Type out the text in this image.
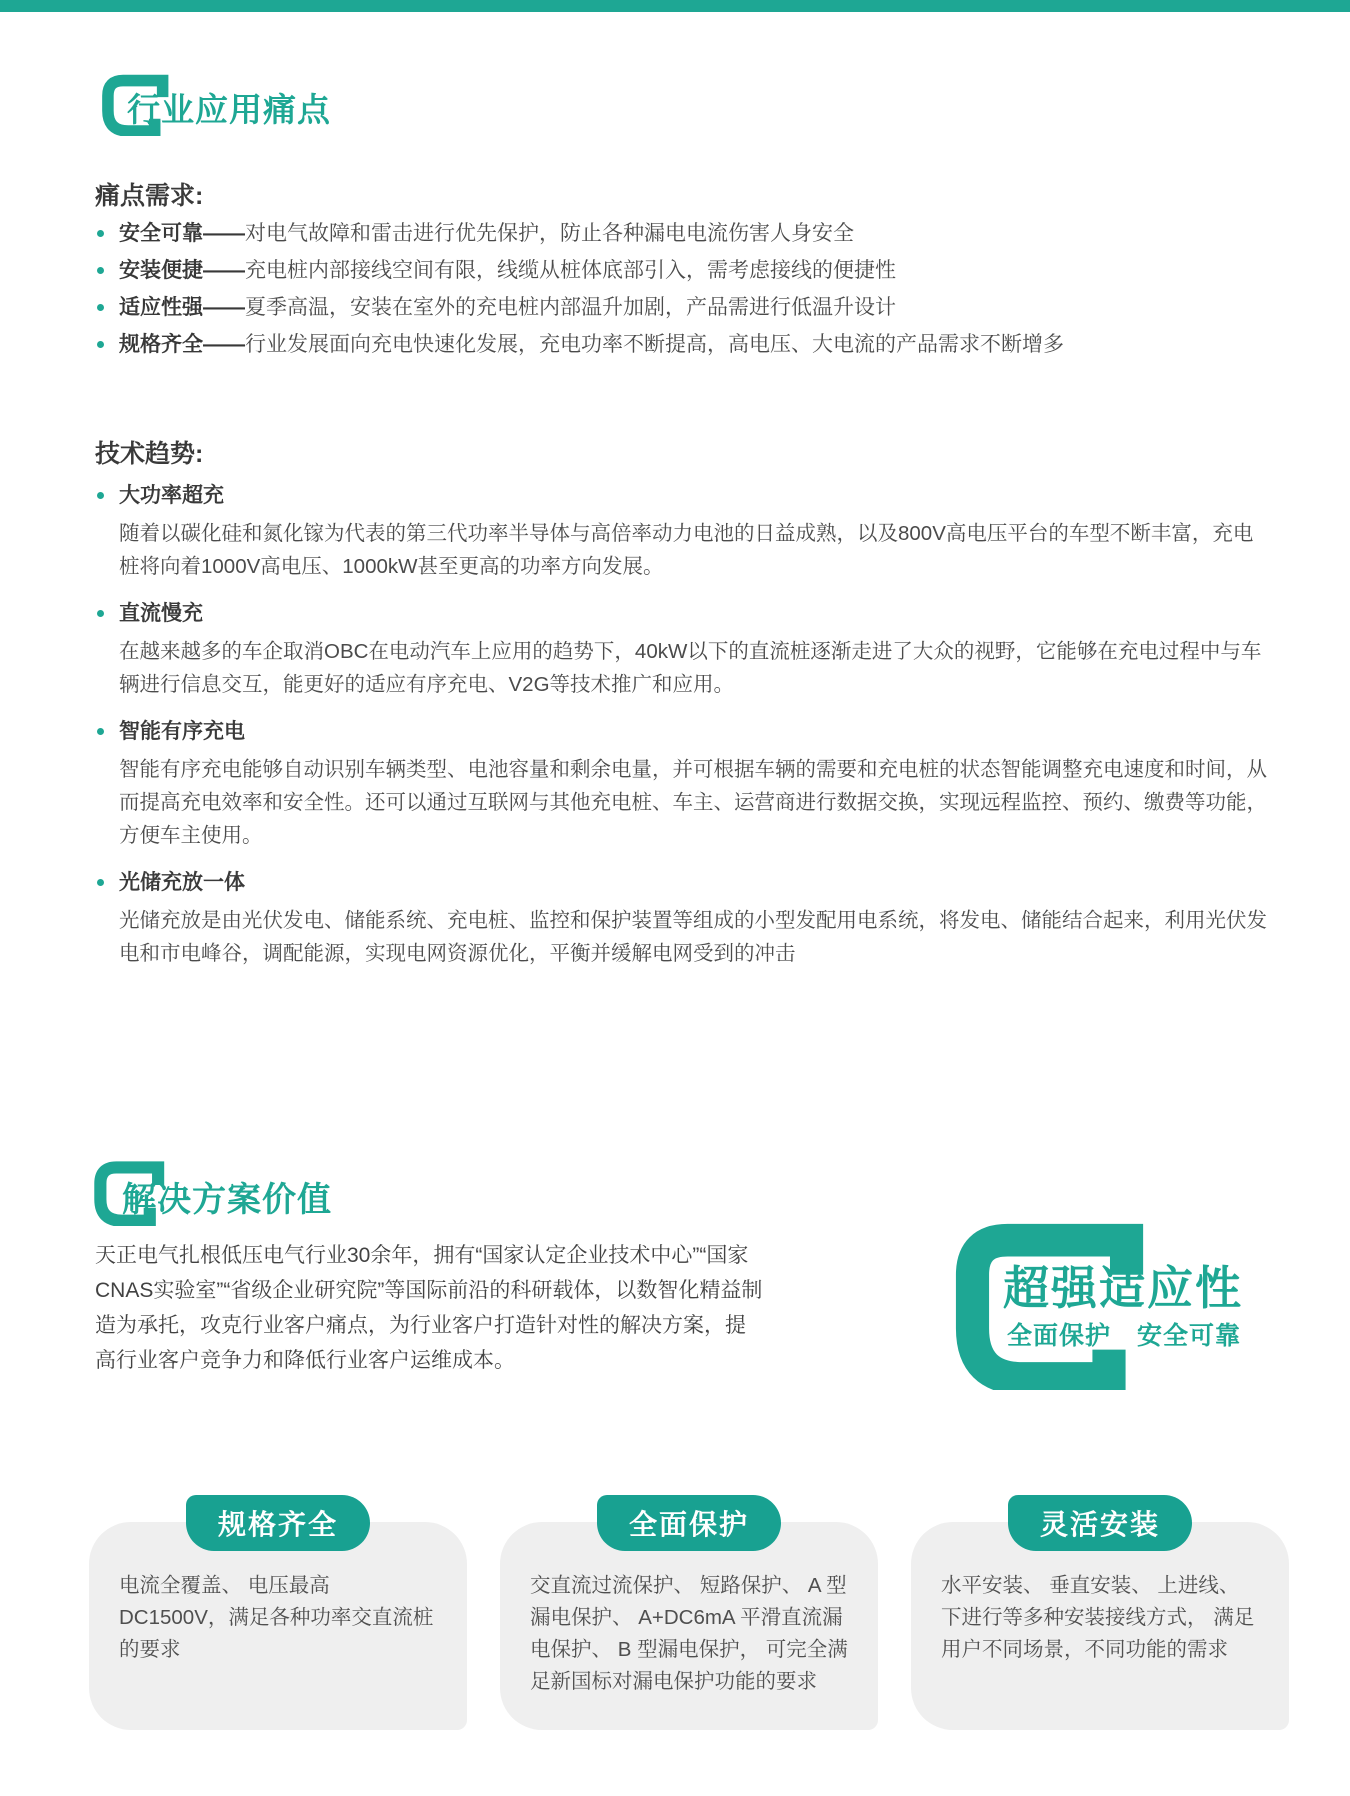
行业应用痛点
痛点需求:
安全可靠——对电气故障和雷击进行优先保护，防止各种漏电电流伤害人身安全
安装便捷——充电桩内部接线空间有限，线缆从桩体底部引入，需考虑接线的便捷性
适应性强——夏季高温，安装在室外的充电桩内部温升加剧，产品需进行低温升设计
规格齐全——行业发展面向充电快速化发展，充电功率不断提高，高电压、大电流的产品需求不断增多
技术趋势:
大功率超充

随着以碳化硅和氮化镓为代表的第三代功率半导体与高倍率动力电池的日益成熟，以及800V高电压平台的车型不断丰富，充电桩将向着1000V高电压、1000kW甚至更高的功率方向发展。

直流慢充

在越来越多的车企取消OBC在电动汽车上应用的趋势下，40kW以下的直流桩逐渐走进了大众的视野，它能够在充电过程中与车辆进行信息交互，能更好的适应有序充电、V2G等技术推广和应用。

智能有序充电

智能有序充电能够自动识别车辆类型、电池容量和剩余电量，并可根据车辆的需要和充电桩的状态智能调整充电速度和时间，从而提高充电效率和安全性。还可以通过互联网与其他充电桩、车主、运营商进行数据交换，实现远程监控、预约、缴费等功能，方便车主使用。

光储充放一体

光储充放是由光伏发电、储能系统、充电桩、监控和保护装置等组成的小型发配用电系统，将发电、储能结合起来，利用光伏发电和市电峰谷，调配能源，实现电网资源优化，平衡并缓解电网受到的冲击

解决方案价值

天正电气扎根低压电气行业30余年，拥有“国家认定企业技术中心”“国家CNAS实验室”“省级企业研究院”等国际前沿的科研载体，以数智化精益制造为承托，攻克行业客户痛点，为行业客户打造针对性的解决方案，提高行业客户竞争力和降低行业客户运维成本。

超强适应性
全面保护　安全可靠
规格齐全
电流全覆盖、 电压最高 DC1500V，满足各种功率交直流桩的要求
全面保护
交直流过流保护、 短路保护、 A 型漏电保护、 A+DC6mA 平滑直流漏电保护、 B 型漏电保护， 可完全满足新国标对漏电保护功能的要求
灵活安装
水平安装、 垂直安装、 上进线、 下进行等多种安装接线方式， 满足用户不同场景，不同功能的需求
